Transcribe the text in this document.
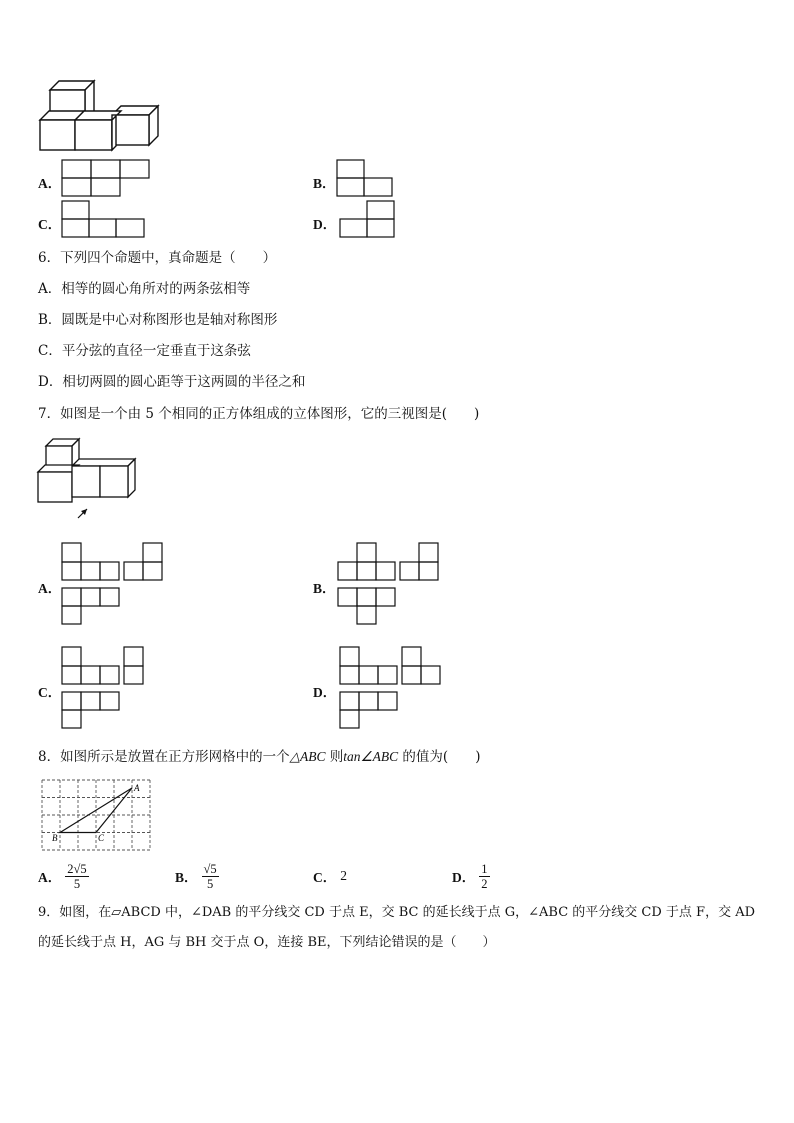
A．	B．
C．	D．
6．下列四个命题中，真命题是（　　）
A．相等的圆心角所对的两条弦相等
B．圆既是中心对称图形也是轴对称图形
C．平分弦的直径一定垂直于这条弦
D．相切两圆的圆心距等于这两圆的半径之和
7．如图是一个由 5 个相同的正方体组成的立体图形，它的三视图是(　　)
A．	B．
C．	D．
8．如图所示是放置在正方形网格中的一个△ABC 则tan∠ABC 的值为(　　)
A
B	C
A． $\frac{2√5}{5}$	B． $\frac{√5}{5}$	C． 2	D． $\frac{1}{2}$
9．如图，在▱ABCD 中，∠DAB 的平分线交 CD 于点 E，交 BC 的延长线于点 G，∠ABC 的平分线交 CD 于点 F，交 AD
的延长线于点 H，AG 与 BH 交于点 O，连接 BE，下列结论错误的是（　　）
